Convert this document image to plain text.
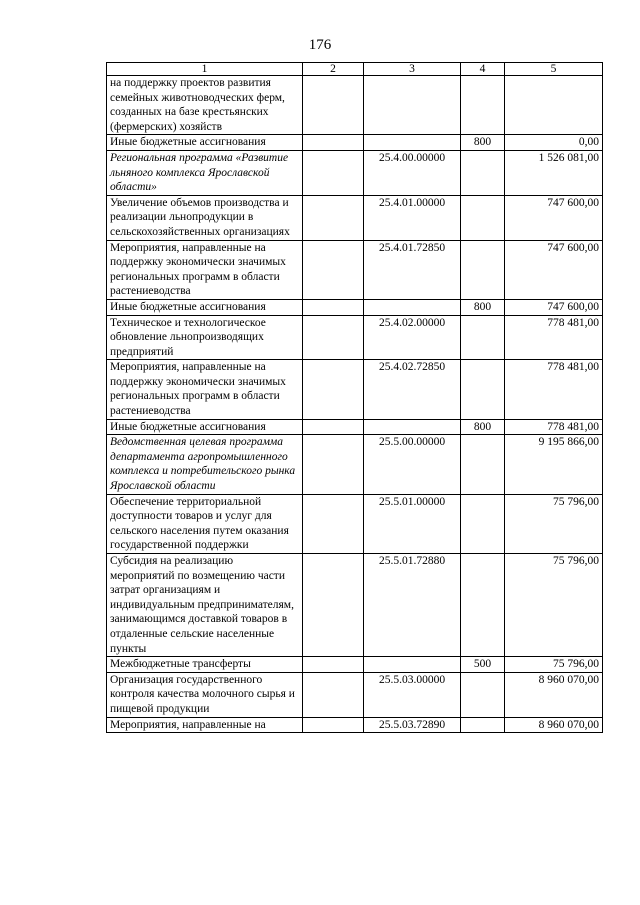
176
1	2	3	4	5
на поддержку проектов развития семейных животноводческих ферм, созданных на базе крестьянских (фермерских) хозяйств				
Иные бюджетные ассигнования			800	0,00
Региональная программа «Развитие льняного комплекса Ярославской области»		25.4.00.00000		1 526 081,00
Увеличение объемов производства и реализации льнопродукции в сельскохозяйственных организациях		25.4.01.00000		747 600,00
Мероприятия, направленные на поддержку экономически значимых региональных программ в области растениеводства		25.4.01.72850		747 600,00
Иные бюджетные ассигнования			800	747 600,00
Техническое и технологическое обновление льнопроизводящих предприятий		25.4.02.00000		778 481,00
Мероприятия, направленные на поддержку экономически значимых региональных программ в области растениеводства		25.4.02.72850		778 481,00
Иные бюджетные ассигнования			800	778 481,00
Ведомственная целевая программа департамента агропромышленного комплекса и потребительского рынка Ярославской области		25.5.00.00000		9 195 866,00
Обеспечение территориальной доступности товаров и услуг для сельского населения путем оказания государственной поддержки		25.5.01.00000		75 796,00
Субсидия на реализацию мероприятий по возмещению части затрат организациям и индивидуальным предпринимателям, занимающимся доставкой товаров в отдаленные сельские населенные пункты		25.5.01.72880		75 796,00
Межбюджетные трансферты			500	75 796,00
Организация государственного контроля качества молочного сырья и пищевой продукции		25.5.03.00000		8 960 070,00
Мероприятия, направленные на		25.5.03.72890		8 960 070,00
